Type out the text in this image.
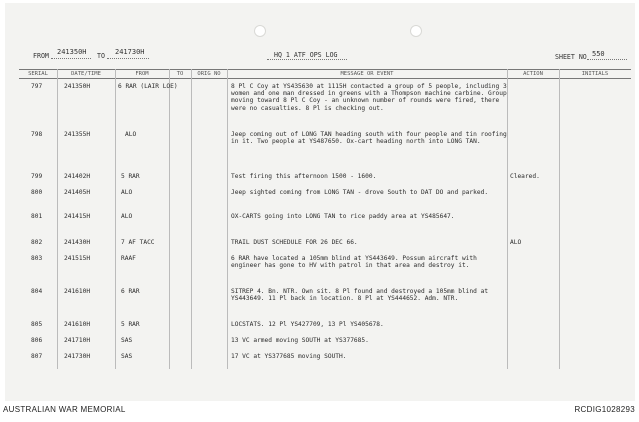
FROM 241350H TO 241730H	HQ 1 ATF OPS LOG	SHEET NO 550
SERIAL	DATE/TIME	FROM	TO	ORIG NO	MESSAGE OR EVENT	ACTION	INITIALS
797	241350H	6 RAR (LAIR LOE)	8 Pl C Coy at YS435630 at 1115H contacted a group of 5 people, including 3 women and one man dressed in greens with a Thompson machine carbine. Group moving toward 8 Pl C Coy - an unknown number of rounds were fired, there were no casualties. 8 Pl is checking out.
798	241355H	ALO	Jeep coming out of LONG TAN heading south with four people and tin roofing in it. Two people at YS487650. Ox-cart heading north into LONG TAN.
799	241402H	5 RAR	Test firing this afternoon 1500 - 1600.	Cleared.
800	241405H	ALO	Jeep sighted coming from LONG TAN - drove South to DAT DO and parked.
801	241415H	ALO	OX-CARTS going into LONG TAN to rice paddy area at YS485647.
802	241430H	7 AF TACC	TRAIL DUST SCHEDULE FOR 26 DEC 66.	ALO
803	241515H	RAAF	6 RAR have located a 105mm blind at YS443649. Possum aircraft with engineer has gone to HV with patrol in that area and destroy it.
804	241610H	6 RAR	SITREP 4. Bn. NTR. Own sit. 8 Pl found and destroyed a 105mm blind at YS443649. 11 Pl back in location. 8 Pl at YS444652. Adm. NTR.
805	241610H	5 RAR	LOCSTATS. 12 Pl YS427709, 13 Pl YS405678.
806	241710H	SAS	13 VC armed moving SOUTH at YS377685.
807	241730H	SAS	17 VC at YS377685 moving SOUTH.
AUSTRALIAN WAR MEMORIAL	RCDIG1028293
